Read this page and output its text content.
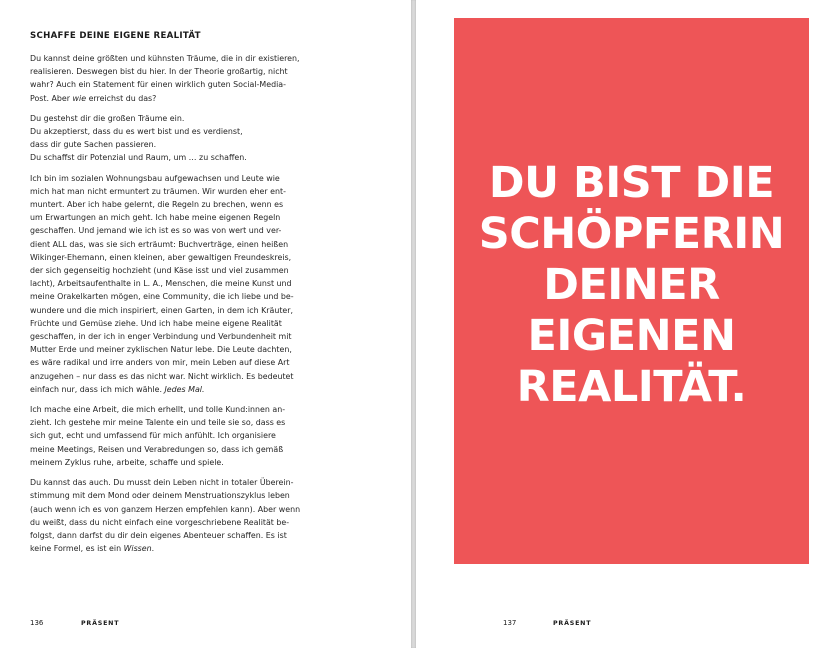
SCHAFFE DEINE EIGENE REALITÄT
Du kannst deine größten und kühnsten Träume, die in dir existieren,
realisieren. Deswegen bist du hier. In der Theorie großartig, nicht
wahr? Auch ein Statement für einen wirklich guten Social-Media-
Post. Aber wie erreichst du das?
Du gestehst dir die großen Träume ein.
Du akzeptierst, dass du es wert bist und es verdienst,
dass dir gute Sachen passieren.
Du schaffst dir Potenzial und Raum, um … zu schaffen.
Ich bin im sozialen Wohnungsbau aufgewachsen und Leute wie
mich hat man nicht ermuntert zu träumen. Wir wurden eher ent-
muntert. Aber ich habe gelernt, die Regeln zu brechen, wenn es
um Erwartungen an mich geht. Ich habe meine eigenen Regeln
geschaffen. Und jemand wie ich ist es so was von wert und ver-
dient ALL das, was sie sich erträumt: Buchverträge, einen heißen
Wikinger-Ehemann, einen kleinen, aber gewaltigen Freundeskreis,
der sich gegenseitig hochzieht (und Käse isst und viel zusammen
lacht), Arbeitsaufenthalte in L. A., Menschen, die meine Kunst und
meine Orakelkarten mögen, eine Community, die ich liebe und be-
wundere und die mich inspiriert, einen Garten, in dem ich Kräuter,
Früchte und Gemüse ziehe. Und ich habe meine eigene Realität
geschaffen, in der ich in enger Verbindung und Verbundenheit mit
Mutter Erde und meiner zyklischen Natur lebe. Die Leute dachten,
es wäre radikal und irre anders von mir, mein Leben auf diese Art
anzugehen – nur dass es das nicht war. Nicht wirklich. Es bedeutet
einfach nur, dass ich mich wähle. Jedes Mal.
Ich mache eine Arbeit, die mich erhellt, und tolle Kund:innen an-
zieht. Ich gestehe mir meine Talente ein und teile sie so, dass es
sich gut, echt und umfassend für mich anfühlt. Ich organisiere
meine Meetings, Reisen und Verabredungen so, dass ich gemäß
meinem Zyklus ruhe, arbeite, schaffe und spiele.
Du kannst das auch. Du musst dein Leben nicht in totaler Überein-
stimmung mit dem Mond oder deinem Menstruationszyklus leben
(auch wenn ich es von ganzem Herzen empfehlen kann). Aber wenn
du weißt, dass du nicht einfach eine vorgeschriebene Realität be-
folgst, dann darfst du dir dein eigenes Abenteuer schaffen. Es ist
keine Formel, es ist ein Wissen.
136	PRÄSENT
DU BIST DIE
SCHÖPFERIN
DEINER
EIGENEN
REALITÄT.
137	PRÄSENT
